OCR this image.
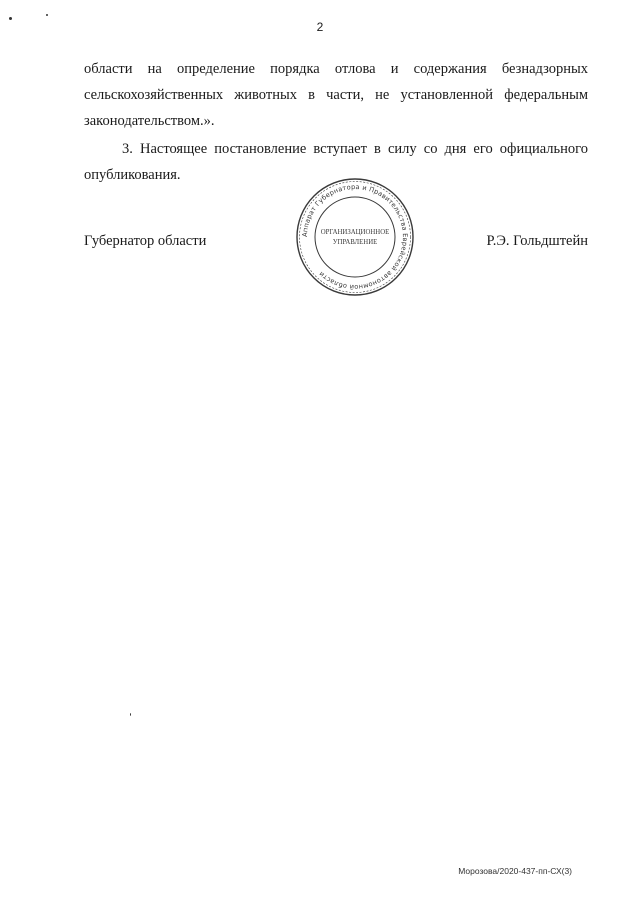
2

области на определение порядка отлова и содержания безнадзорных
сельскохозяйственных животных в части, не установленной федеральным
законодательством.».

3. Настоящее постановление вступает в силу со дня его официального
опубликования.

Аппарат Губернатора и Правительства Еврейской автономной области
ОРГАНИЗАЦИОННОЕ
УПРАВЛЕНИЕ
Губернатор области	Р.Э. Гольдштейн
Морозова/2020-437-пп-СХ(3)
